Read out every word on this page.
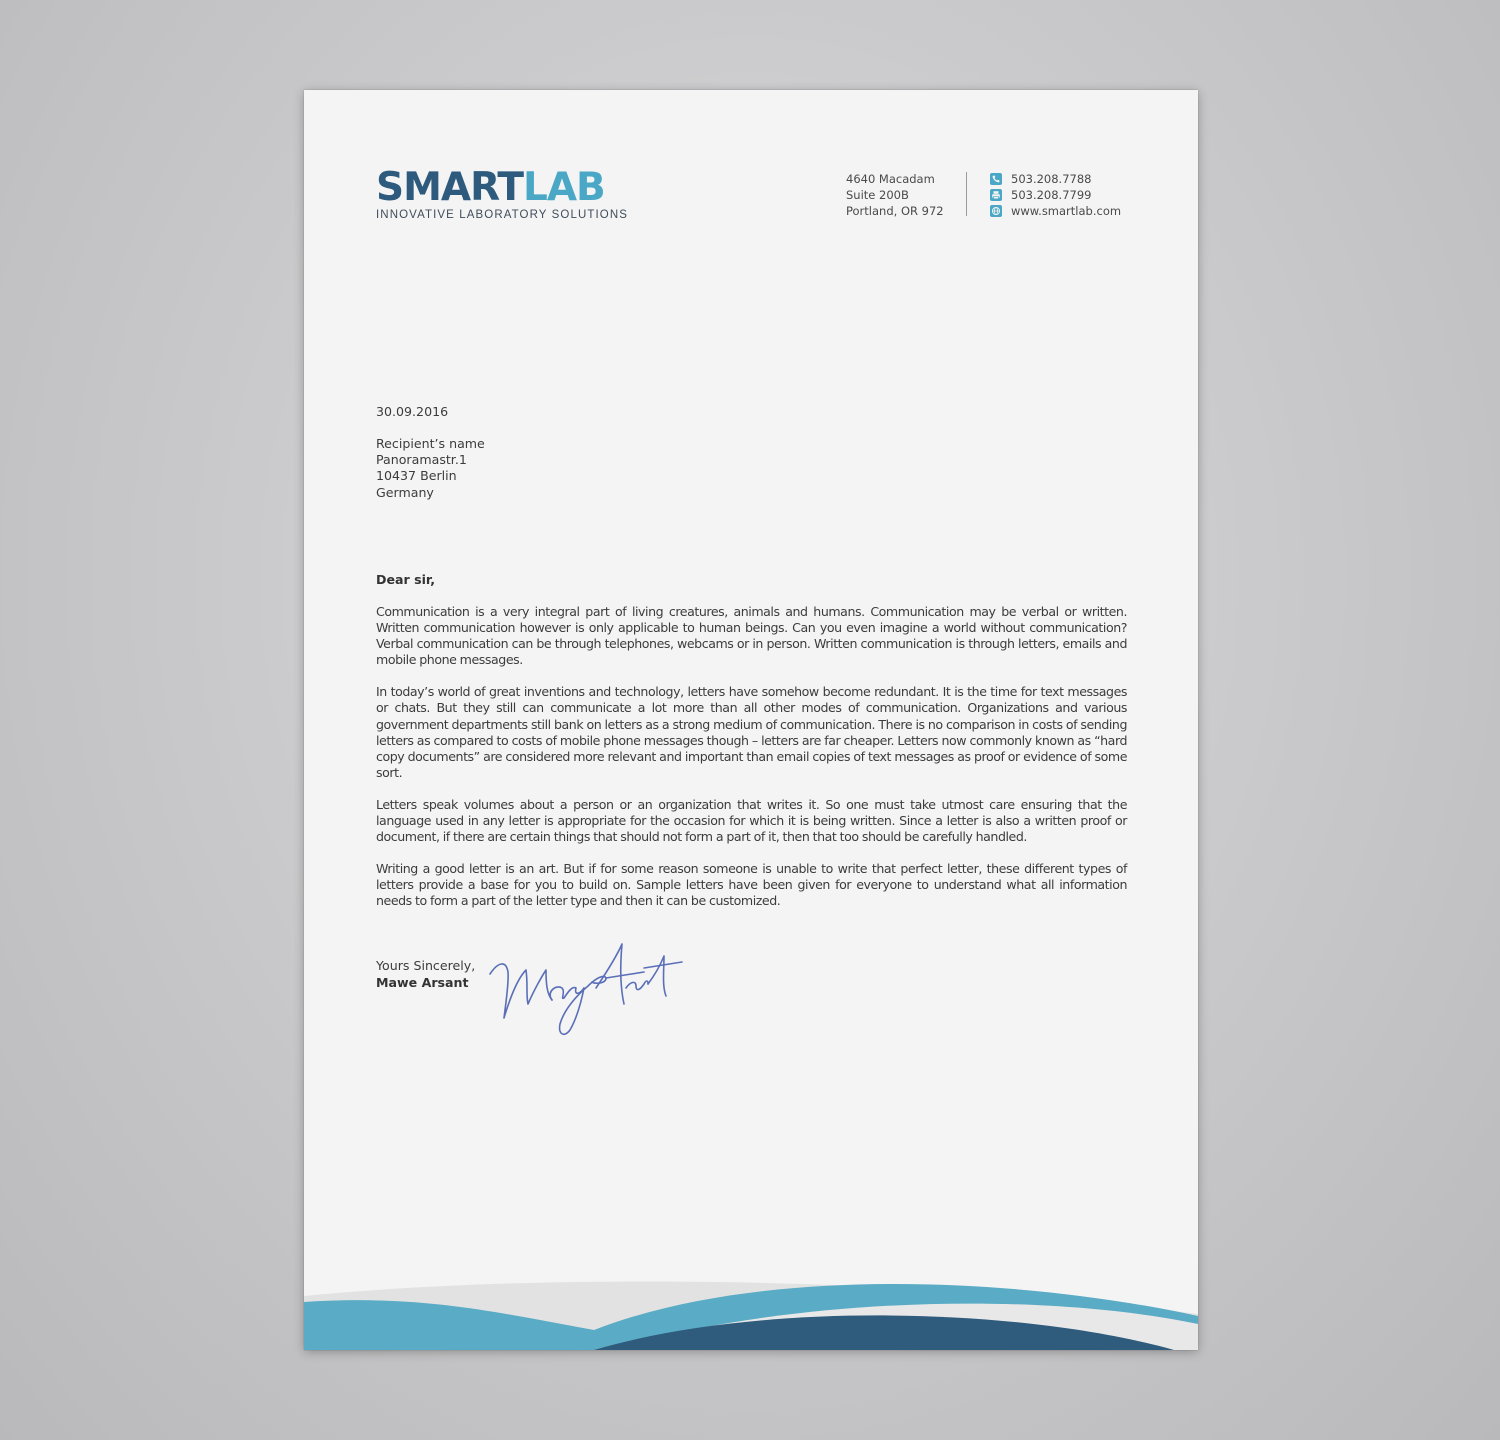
SMARTLAB
INNOVATIVE LABORATORY SOLUTIONS
4640 Macadam
Suite 200B
Portland, OR 972
503.208.7788
503.208.7799
www.smartlab.com
30.09.2016
Recipient’s name
Panoramastr.1
10437 Berlin
Germany
Dear sir,

Communication is a very integral part of living creatures, animals and humans. Communication may be verbal or written. Written communication however is only applicable to human beings. Can you even imagine a world without communication? Verbal communication can be through telephones, webcams or in person. Written communication is through letters, emails and mobile phone messages.

In today’s world of great inventions and technology, letters have somehow become redundant. It is the time for text messages or chats. But they still can communicate a lot more than all other modes of communication. Organizations and various government departments still bank on letters as a strong medium of communication. There is no comparison in costs of sending letters as compared to costs of mobile phone messages though – letters are far cheaper. Letters now commonly known as “hard copy documents” are considered more relevant and important than email copies of text messages as proof or evidence of some sort.

Letters speak volumes about a person or an organization that writes it. So one must take utmost care ensuring that the language used in any letter is appropriate for the occasion for which it is being written. Since a letter is also a written proof or document, if there are certain things that should not form a part of it, then that too should be carefully handled.

Writing a good letter is an art. But if for some reason someone is unable to write that perfect letter, these different types of letters provide a base for you to build on. Sample letters have been given for everyone to understand what all information needs to form a part of the letter type and then it can be customized.

Yours Sincerely,
Mawe Arsant
